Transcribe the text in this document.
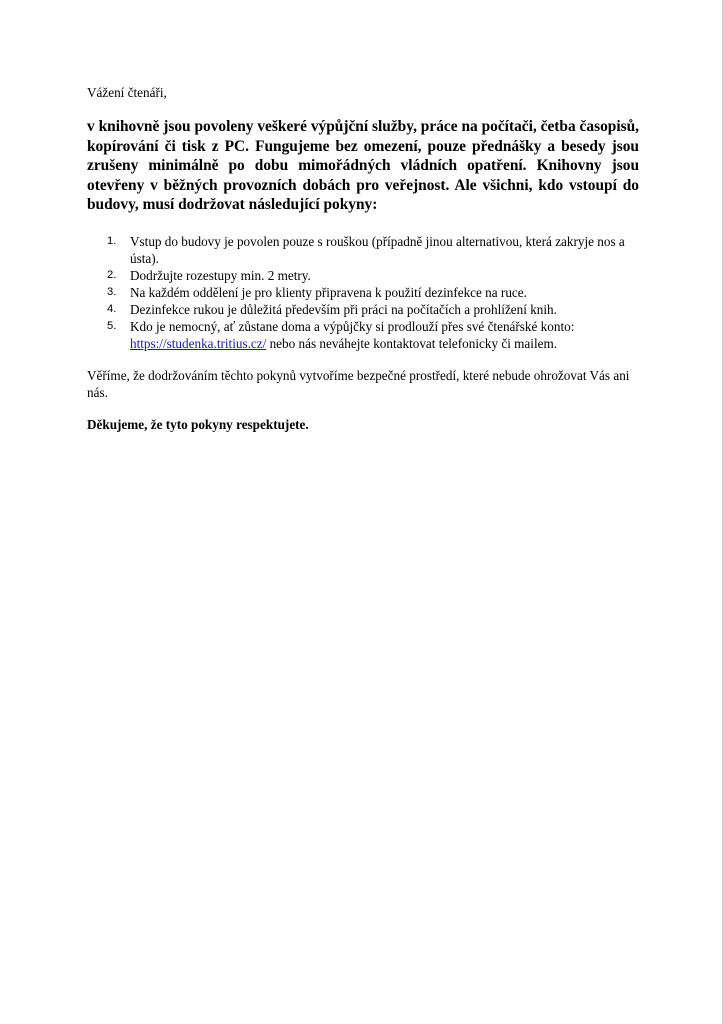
Vážení čtenáři,

v knihovně jsou povoleny veškeré výpůjční služby, práce na počítači, četba časopisů, kopírování či tisk z PC. Fungujeme bez omezení, pouze přednášky a besedy jsou zrušeny minimálně po dobu mimořádných vládních opatření. Knihovny jsou otevřeny v běžných provozních dobách pro veřejnost. Ale všichni, kdo vstoupí do budovy, musí dodržovat následující pokyny:

1. Vstup do budovy je povolen pouze s rouškou (případně jinou alternativou, která zakryje nos a ústa).
2. Dodržujte rozestupy min. 2 metry.
3. Na každém oddělení je pro klienty připravena k použití dezinfekce na ruce.
4. Dezinfekce rukou je důležitá především při práci na počítačích a prohlížení knih.
5. Kdo je nemocný, ať zůstane doma a výpůjčky si prodlouží přes své čtenářské konto: https://studenka.tritius.cz/ nebo nás neváhejte kontaktovat telefonicky či mailem.

Věříme, že dodržováním těchto pokynů vytvoříme bezpečné prostředí, které nebude ohrožovat Vás ani nás.

Děkujeme, že tyto pokyny respektujete.
